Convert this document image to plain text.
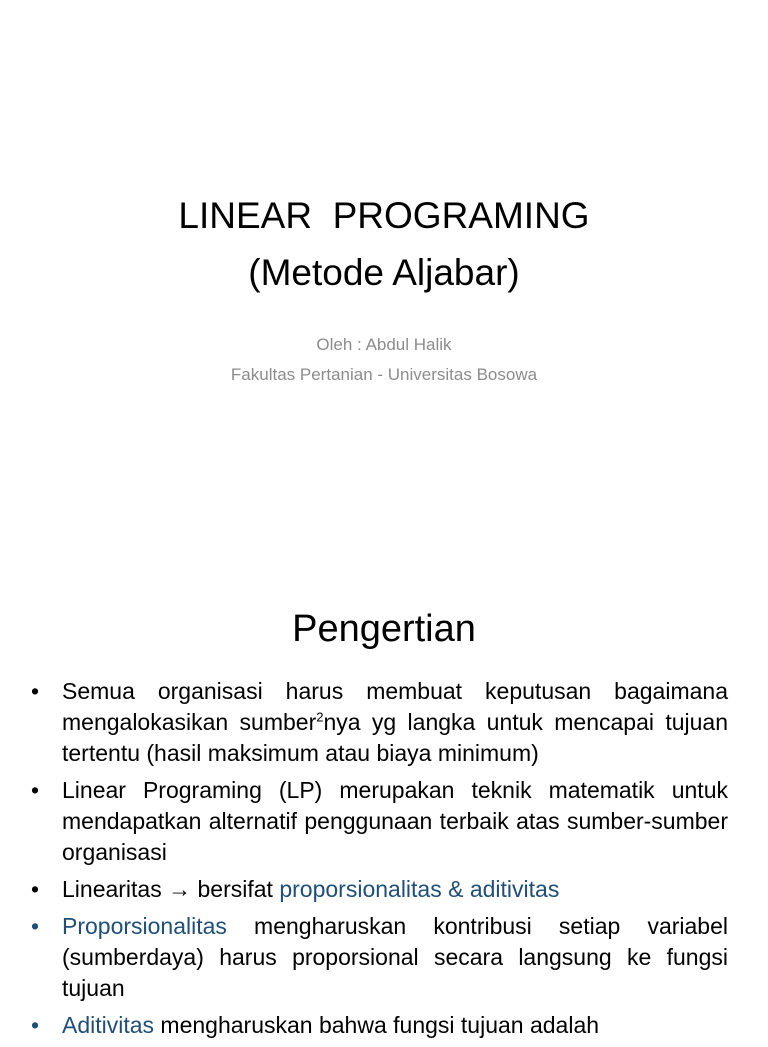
LINEAR  PROGRAMING
(Metode Aljabar)
Oleh : Abdul Halik
Fakultas Pertanian - Universitas Bosowa
Pengertian
• Semua organisasi harus membuat keputusan bagaimana mengalokasikan sumber$^2$nya yg langka untuk mencapai tujuan tertentu (hasil maksimum atau biaya minimum)
• Linear Programing (LP) merupakan teknik matematik untuk mendapatkan alternatif penggunaan terbaik atas sumber-sumber organisasi
• Linearitas → bersifat proporsionalitas & aditivitas
• Proporsionalitas mengharuskan kontribusi setiap variabel (sumberdaya) harus proporsional secara langsung ke fungsi tujuan
• Aditivitas mengharuskan bahwa fungsi tujuan adalah
